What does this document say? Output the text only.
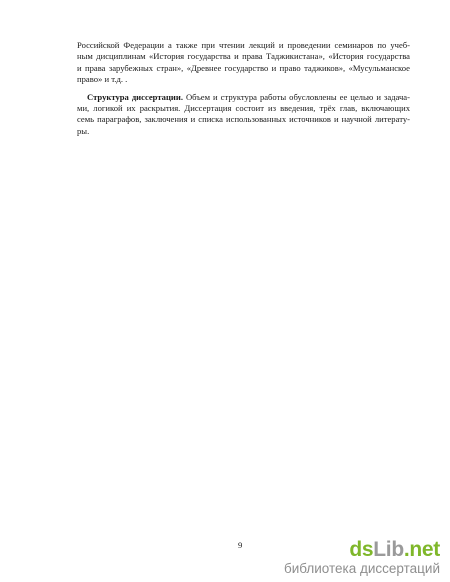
Российской Федерации а также при чтении лекций и проведении семинаров по учеб-
ным дисциплинам «История государства и права Таджикистана», «История государства
и права зарубежных стран», «Древнее государство и право таджиков», «Мусульманское
право» и т.д. .
Структура диссертации. Объем и структура работы обусловлены ее целью и задача-
ми, логикой их раскрытия. Диссертация состоит из введения, трёх глав, включающих
семь параграфов, заключения и списка использованных источников и научной литерату-
ры.
9	dsLib.net
библиотека диссертаций
